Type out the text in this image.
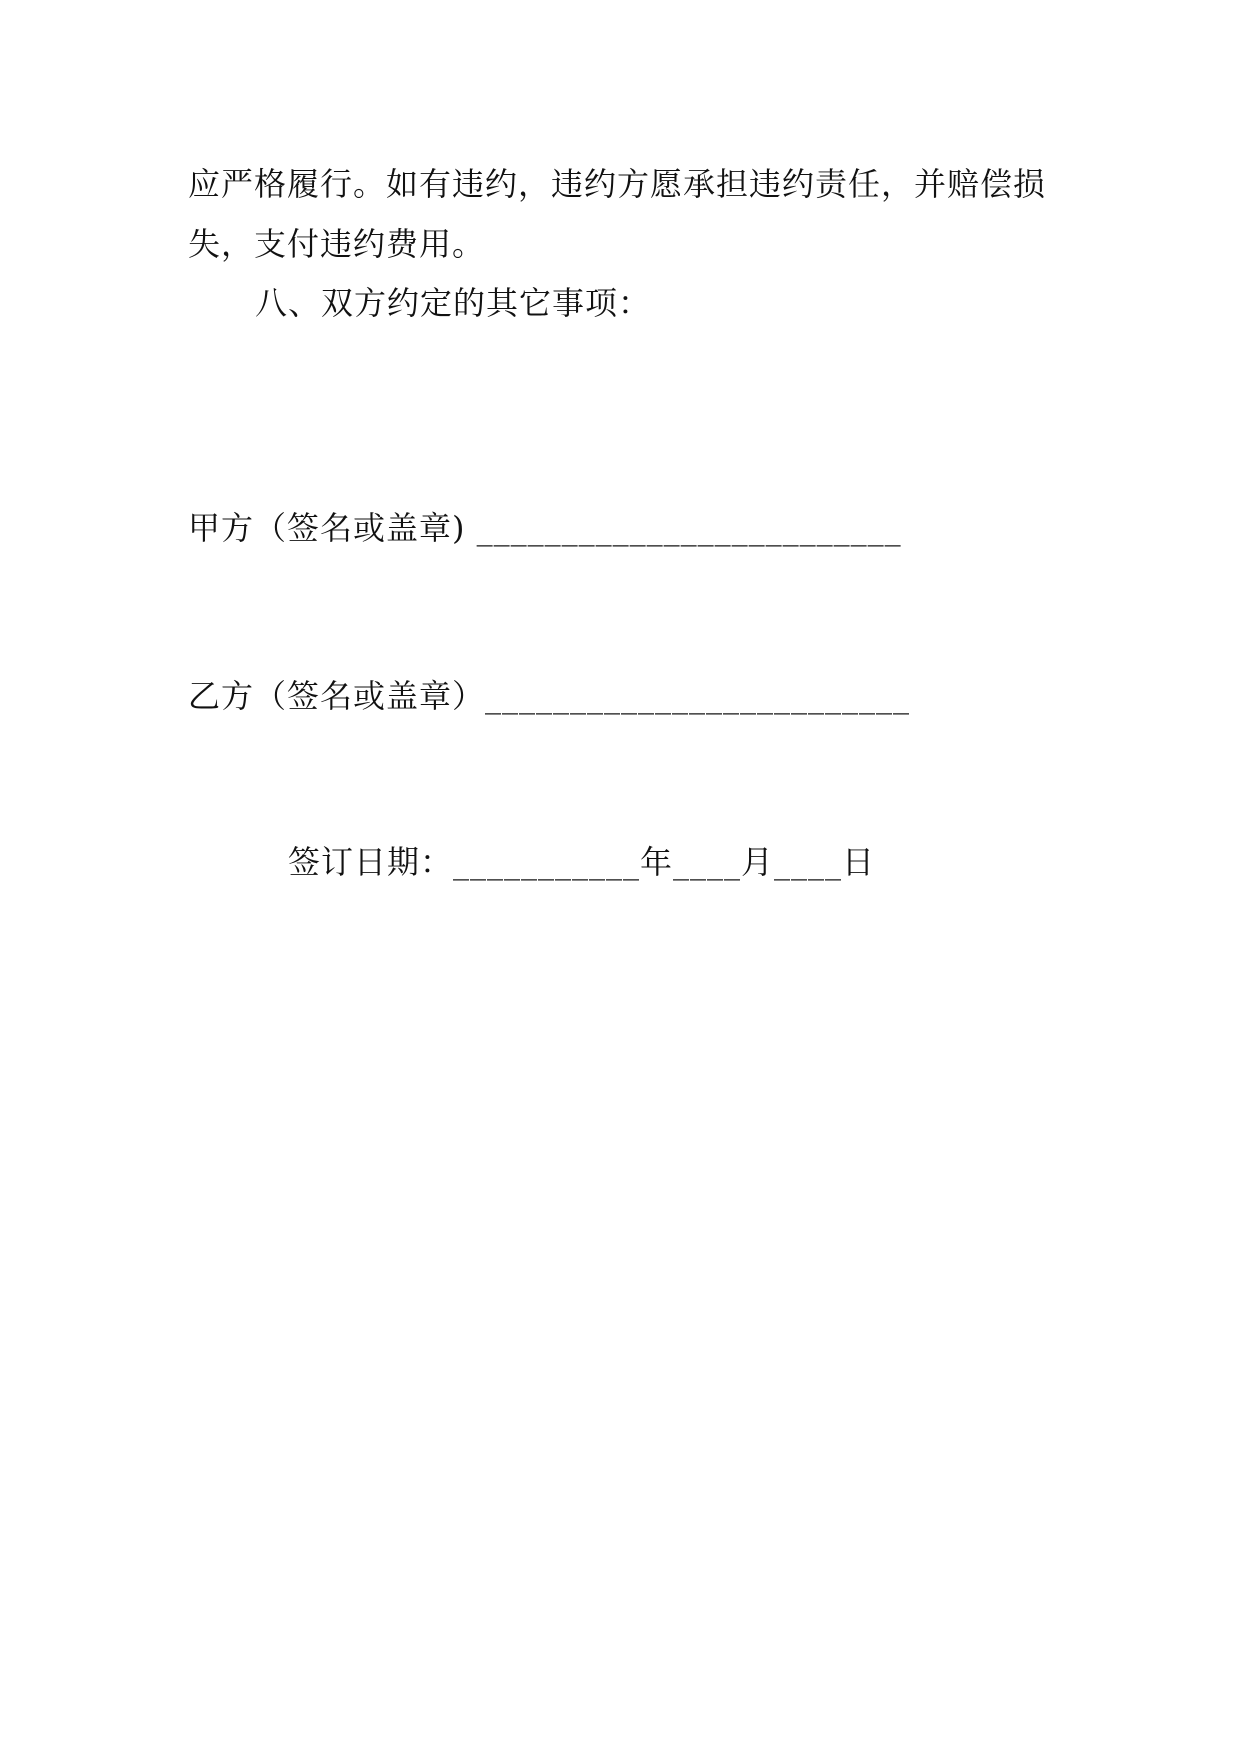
应严格履行。如有违约，违约方愿承担违约责任，并赔偿损
失，支付违约费用。
八、双方约定的其它事项：
甲方（签名或盖章) _________________________
乙方（签名或盖章）_________________________
签订日期：___________年____月____日
